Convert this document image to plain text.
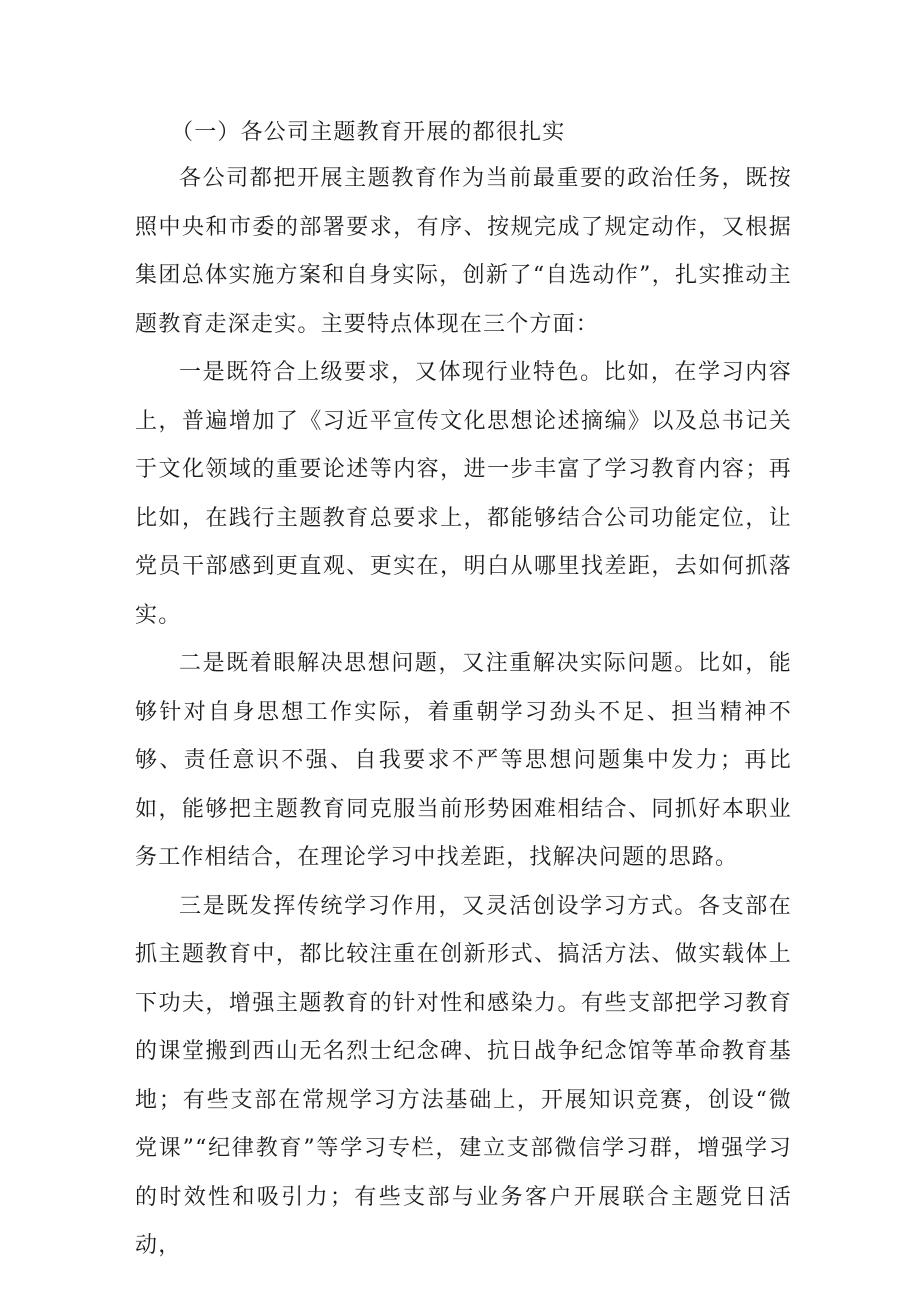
（一）各公司主题教育开展的都很扎实

各公司都把开展主题教育作为当前最重要的政治任务，既按照中央和市委的部署要求，有序、按规完成了规定动作，又根据集团总体实施方案和自身实际，创新了“自选动作”，扎实推动主题教育走深走实。主要特点体现在三个方面：

一是既符合上级要求，又体现行业特色。比如，在学习内容上，普遍增加了《习近平宣传文化思想论述摘编》以及总书记关于文化领域的重要论述等内容，进一步丰富了学习教育内容；再比如，在践行主题教育总要求上，都能够结合公司功能定位，让党员干部感到更直观、更实在，明白从哪里找差距，去如何抓落实。

二是既着眼解决思想问题，又注重解决实际问题。比如，能够针对自身思想工作实际，着重朝学习劲头不足、担当精神不够、责任意识不强、自我要求不严等思想问题集中发力；再比如，能够把主题教育同克服当前形势困难相结合、同抓好本职业务工作相结合，在理论学习中找差距，找解决问题的思路。

三是既发挥传统学习作用，又灵活创设学习方式。各支部在抓主题教育中，都比较注重在创新形式、搞活方法、做实载体上下功夫，增强主题教育的针对性和感染力。有些支部把学习教育的课堂搬到西山无名烈士纪念碑、抗日战争纪念馆等革命教育基地；有些支部在常规学习方法基础上，开展知识竞赛，创设“微党课”“纪律教育”等学习专栏，建立支部微信学习群，增强学习的时效性和吸引力；有些支部与业务客户开展联合主题党日活动，
